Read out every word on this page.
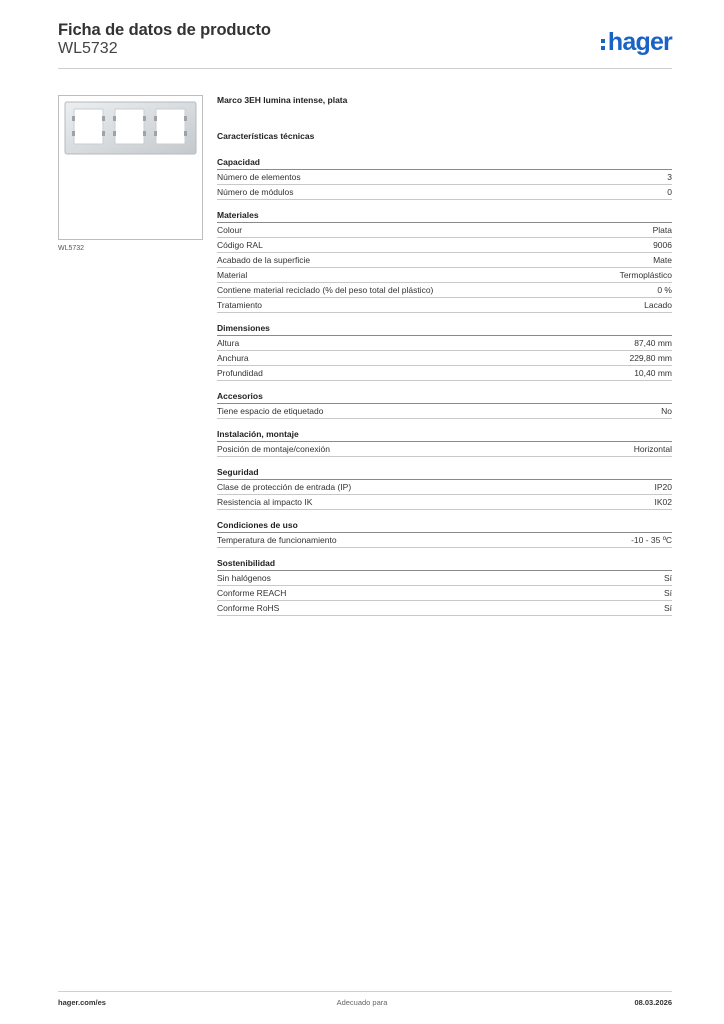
Ficha de datos de producto
WL5732	hager
WL5732
Marco 3EH lumina intense, plata
Características técnicas
Capacidad
Número de elementos	3
Número de módulos	0
Materiales
Colour	Plata
Código RAL	9006
Acabado de la superficie	Mate
Material	Termoplástico
Contiene material reciclado (% del peso total del plástico)	0 %
Tratamiento	Lacado
Dimensiones
Altura	87,40 mm
Anchura	229,80 mm
Profundidad	10,40 mm
Accesorios
Tiene espacio de etiquetado	No
Instalación, montaje
Posición de montaje/conexión	Horizontal
Seguridad
Clase de protección de entrada (IP)	IP20
Resistencia al impacto IK	IK02
Condiciones de uso
Temperatura de funcionamiento	-10 - 35 ºC
Sostenibilidad
Sin halógenos	Sí
Conforme REACH	Sí
Conforme RoHS	Sí
hager.com/es	Adecuado para	08.03.2026
